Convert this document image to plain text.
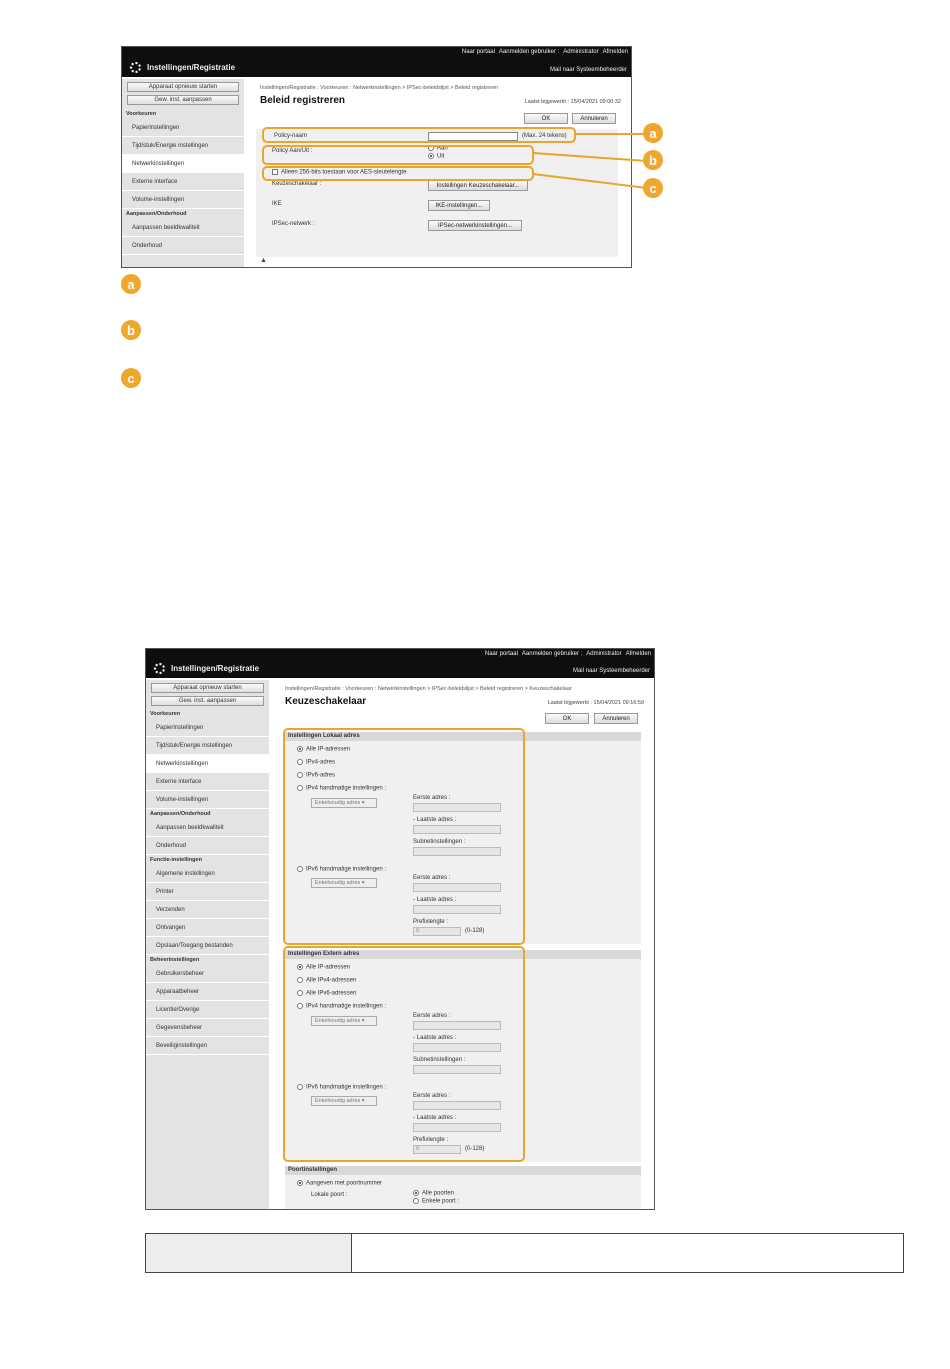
Naar portaal Aanmelden gebruiker : Administrator Afmelden
Instellingen/Registratie	Mail naar Systeembeheerder
Apparaat opnieuw starten
Gew. inst. aanpassen
Voorkeuren
Papierinstellingen
Tijd/stuk/Energie instellingen
Netwerkinstellingen
Externe interface
Volume-instellingen
Aanpassen/Onderhoud
Aanpassen beeldkwaliteit
Onderhoud
Instellingen/Registratie : Voorkeuren : Netwerkinstellingen > IPSec-beleidslijst > Beleid registreren
Beleid registreren	Laatst bijgewerkt : 15/04/2021 09:00:32
OK	Annuleren
Policy-naam	(Max. 24 tekens)
Policy Aan/Uit :	Aan
Uit
Alleen 256-bits toestaan voor AES-sleutelengte
Keuzeschakelaar :	Instellingen Keuzeschakelaar...
IKE	IKE-instellingen...
IPSec-netwerk :	IPSec-netwerkinstellingen...
▲
a
b
c
a
b
c
Naar portaal Aanmelden gebruiker : Administrator Afmelden
Instellingen/Registratie	Mail naar Systeembeheerder
Apparaat opnieuw starten
Gew. inst. aanpassen
Voorkeuren
Papierinstellingen
Tijd/stuk/Energie instellingen
Netwerkinstellingen
Externe interface
Volume-instellingen
Aanpassen/Onderhoud
Aanpassen beeldkwaliteit
Onderhoud
Functie-instellingen
Algemene instellingen
Printer
Verzenden
Ontvangen
Opslaan/Toegang bestanden
Beheerinstellingen
Gebruikersbeheer
Apparaatbeheer
Licentie/Overige
Gegevensbeheer
Beveiliginstellingen
Instellingen/Registratie : Voorkeuren : Netwerkinstellingen > IPSec-beleidslijst > Beleid registreren > Keuzeschakelaar
Keuzeschakelaar	Laatst bijgewerkt : 15/04/2021 09:16:59
OK	Annuleren
Instellingen Lokaal adres
Alle IP-adressen
IPv4-adres
IPv6-adres
IPv4 handmatige instellingen :
Enkelvoudig adres ▾
Eerste adres :
- Laatste adres :
Subnetinstellingen :
IPv6 handmatige instellingen :
Enkelvoudig adres ▾
Eerste adres :
- Laatste adres :
Prefixlengte :
0	(0-128)
Instellingen Extern adres
Alle IP-adressen
Alle IPv4-adressen
Alle IPv6-adressen
IPv4 handmatige instellingen :
Enkelvoudig adres ▾
Eerste adres :
- Laatste adres :
Subnetinstellingen :
IPv6 handmatige instellingen :
Enkelvoudig adres ▾
Eerste adres :
- Laatste adres :
Prefixlengte :
0	(0-128)
Poortinstellingen
Aangeven met poortnummer
Lokale poort :	Alle poorten
Enkele poort :
